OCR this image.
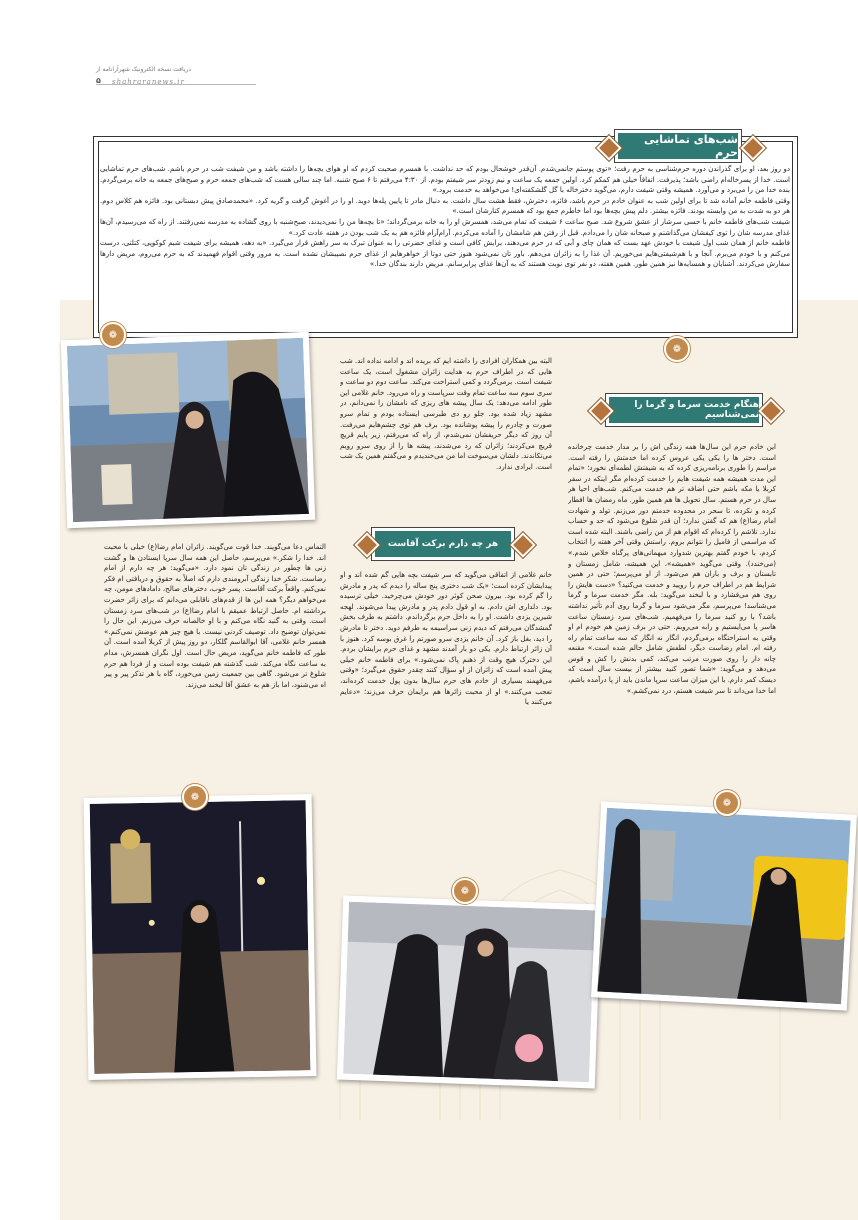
دریافت نسخه الکترونیک شهرآرانامه از
۵ shahraranews.ir
شب‌های تماشایی حرم

دو روز بعد، او برای گذراندن دوره حرم‌شناسی به حرم رفت؛ «توی پوستم جانمی‌شدم. آن‌قدر خوشحال بودم که حد نداشت. با همسرم صحبت کردم که او هوای بچه‌ها را داشته باشد و من شیفت شب در حرم باشم. شب‌های حرم تماشایی است. خدا از پسرخاله‌ام راضی باشد؛ پذیرفت. اتفاقاً خیلی هم کمکم کرد. اولین جمعه یک ساعت و نیم زودتر سر شیفتم بودم. از ۴:۳۰ می‌رفتم تا ۶ صبح شنبه. اما چند سالی هست که شب‌های جمعه حرم و صبح‌های جمعه به خانه برمی‌گردم. بنده خدا من را می‌برد و می‌آورد. همیشه وقتی شیفت دارم، می‌گوید دخترخاله با گل گلشکفته‌ای! می‌خواهد به خدمت برود.»

وقتی فاطمه خانم آماده شد تا برای اولین شب به عنوان خادم در حرم باشد، فائزه، دخترش، فقط هشت سال داشت. به دنبال مادر تا پایین پله‌ها دوید. او را در آغوش گرفت و گریه کرد. «محمدصادق پیش دبستانی بود. فائزه هم کلاس دوم. هر دو به شدت به من وابسته بودند. فائزه بیشتر. دلم پیش بچه‌ها بود اما خاطرم جمع بود که همسرم کنارشان است.»

شیفت شب‌های فاطمه خانم با حسی سرشار از عشق شروع شد. صبح ساعت ۶ شیفت که تمام می‌شد، همسرش او را به خانه برمی‌گرداند؛ «تا بچه‌ها من را نمی‌دیدند، صبح‌شنبه با روی گشاده به مدرسه نمی‌رفتند. از راه که می‌رسیدم، آن‌ها غذای مدرسه شان را توی کیفشان می‌گذاشتم و صبحانه شان را می‌دادم. قبل از رفتن هم شامشان را آماده می‌کردم. آرام‌آرام فائزه هم به یک شب بودن در هفته عادت کرد.»

فاطمه خانم از همان شب اول شیفت با خودش عهد بست که همان چای و آبی که در حرم می‌دهند، برایش کافی است و غذای حضرتی را به عنوان تبرک به سر راهش قرار می‌گیرد. «به دهه، همیشه برای شیفت شبم کوکوپی، کتلتی، درست می‌کنم و با خودم می‌برم. آنجا و با هم‌شیفتی‌هایم می‌خوریم. آن غذا را به زائران می‌دهم. باور تان نمی‌شود هنوز حتی دوتا از خواهرهایم از غذای حرم نصیبشان نشده است. به مرور وقتی اقوام فهمیدند که به حرم می‌روم، مریض دارها سفارش می‌کردند. آشنایان و همسایه‌ها نیز همین طور. همین هفته، دو نفر توی نوبت هستند که به آن‌ها غذای پرایرسانم. مریض دارند بندگان خدا.»

❁
❁
هنگام خدمت سرما و گرما را نمی‌شناسیم
این خادم حرم این سال‌ها همه زندگی اش را بر مدار خدمت چرخانده است. دختر ها را یکی یکی عروس کرده اما خدمتش را رفته است. مراسم را طوری برنامه‌ریزی کرده که به شیفتش لطمه‌ای نخورد؛ «تمام این مدت همیشه همه شیفت هایم را خدمت کرده‌ام مگر اینکه در سفر کربلا یا مکه باشم حتی اضافه‌ تر هم خدمت می‌کنم. شب‌های احیا هر سال در حرم هستم. سال تحویل ها هم همین طور. ماه رمضان ها افطار کرده و نکرده، تا سحر در محدوده خدمتم دور می‌زنم. تولد و شهادت امام رضا(ع) هم که گفتن ندارد؛ آن قدر شلوغ می‌شود که حد و حساب ندارد. تلاشم را کرده‌ام که اقوام هم از من راضی باشند. البته شده است که مراسمی از فامیل را نتوانم بروم. راستش وقتی آخر هفته را انتخاب کردم، با خودم گفتم بهترین شدوارد میهمانی‌های پرگناه خلاص شدم.» (می‌خندد). وقتی می‌گوید «همیشه»، این همیشه، شامل زمستان و تابستان و برف و باران هم می‌شود. از او می‌پرسم؛ حتی در همین شرایط هم در اطراف حرم را روپید و خدمت می‌کنید؟ «دست هایش را روی هم می‌فشارد و با لبخند می‌گوید: بله. مگر خدمت سرما و گرما می‌شناسد! می‌پرسم، مگر می‌شود سرما و گرما روی آدم تأثیر نداشته باشد؟ با رو کنید سرما را می‌فهمیم. شب‌های سرد زمستان ساعت هاسر پا می‌ایستیم و رابه می‌روبم. حتی در برف زمین هم خودم ام او وقتی به استراحتگاه برمی‌گردم، انگار نه انگار که سه ساعت تمام راه رفته ام. امام رضاست دیگر، لطفش شامل حالم شده است.» مقنعه چانه دار را روی صورت مرتب می‌کند، کمی بدنش را کش و قوس می‌دهد و می‌گوید: «شما تصور کنید بیشتر از بیست سال است که دیسک کمر دارم. با این میزان ساعت سرپا ماندن باید از پا درآمده باشم، اما خدا می‌داند تا سر شیفت هستم، درد نمی‌کشم.»
البته بین همکاران افرادی را داشته ایم که بریده اند و ادامه نداده اند. شب هایی که در اطراف حرم به هدایت زائران مشغول است، یک ساعت شیفت است. برمی‌گردد و کمی استراحت می‌کند. ساعت دوم دو ساعت و سری سوم سه ساعت تمام وقت سرپاست و راه می‌رود. خانم غلامی این طور ادامه می‌دهد: یک سال پیشه های ریزی که نامشان را نمی‌دانم، در مشهد زیاد شده بود. جلو رو دی طبرسی ایستاده بودم و تمام سرو صورت و چادرم را پیشه پوشانده بود. برف هم توی چشم‌هایم می‌رفت. آن روز که دیگر حریفشان نمی‌شدم، از راه که می‌رفتم، زیر پایم قریچ قریچ می‌کردند؛ زائران که رد می‌شدند، پیشه ها را از روی سرو رویم می‌تکاندند. دلشان می‌سوخت اما من می‌خندیدم و می‌گفتم همین یک شب است. ایرادی ندارد.
هر چه دارم برکت آقاست
خانم غلامی از اتفاقی می‌گوید که سر شیفت بچه هایی گم شده اند و او پیدایشان کرده است؛ «یک شب دختری پنج ساله را دیدم که پدر و مادرش را گم کرده بود. بیرون صحن کوثر دور خودش می‌چرخید. خیلی ترسیده بود. دلداری اش دادم. به او قول دادم پدر و مادرش پیدا می‌شوند. لهجه شیرین یزدی داشت. او را به داخل حرم برگرداندم. داشتم به طرف بخش گمشدگان می‌رفتم که دیدم زنی سراسیمه به طرفم دوید. دختر تا مادرش را دید، بغل باز کرد. آن خانم یزدی سرو صورتم را غرق بوسه کرد. هنوز با آن زائر ارتباط دارم. یکی دو بار آمدند مشهد و غذای حرم برایشان بردم. این دخترک هیچ وقت از ذهنم پاک نمی‌شود.» برای فاطمه خانم خیلی پیش آمده است که زائران از او سؤال کنند چقدر حقوق می‌گیرد؛ «وقتی می‌فهمند بسیاری از خادم های حرم سال‌ها بدون پول خدمت کرده‌اند، تعجب می‌کنند.» او از محبت زائرها هم برایمان حرف می‌زند؛ «دعایم می‌کنند یا
التماس دعا می‌گویند. خدا قوت می‌گویند. زائران امام رضا(ع) خیلی با محبت اند. خدا را شکر.» می‌پرسم، حاصل این همه سال سرپا ایستادن ها و گشت زنی ها چطور در زندگی تان نمود دارد. «می‌گوید: هر چه دارم از امام رضاست. شکر خدا زندگی آبرومندی دارم که اصلاً به حقوق و دریافتی ام فکر نمی‌کنم. واقعاً برکت آقاست. پسر خوب، دخترهای صالح، دامادهای مومن، چه می‌خواهم دیگر؟ همه این ها از قدم‌های ناقابلی می‌دانم که برای زائر حضرت برداشته ام. حاصل ارتباط عمیقم با امام رضا(ع) در شب‌های سرد زمستان است. وقتی به گنبد نگاه می‌کنم و با او خالصانه حرف می‌زنم. این حال را نمی‌توان توضیح داد. توصیف کردنی نیست. با هیچ چیز هم عوضش نمی‌کنم.» همسر خانم غلامی، آقا ابوالقاسم گلکار، دو روز پیش از کربلا آمده است. آن طور که فاطمه خانم می‌گوید، مریض حال است. اول نگران همسرش، مدام به ساعت نگاه می‌کند. شب گذشته هم شیفت بوده است و از فردا هم حرم شلوغ تر می‌شود. گاهی بین جمعیت زمین می‌خورد، گاه با هر تذکر پیر و پیر اه می‌شنود، اما باز هم به عشق آقا لبخند می‌زند.
❁
❁
❁
